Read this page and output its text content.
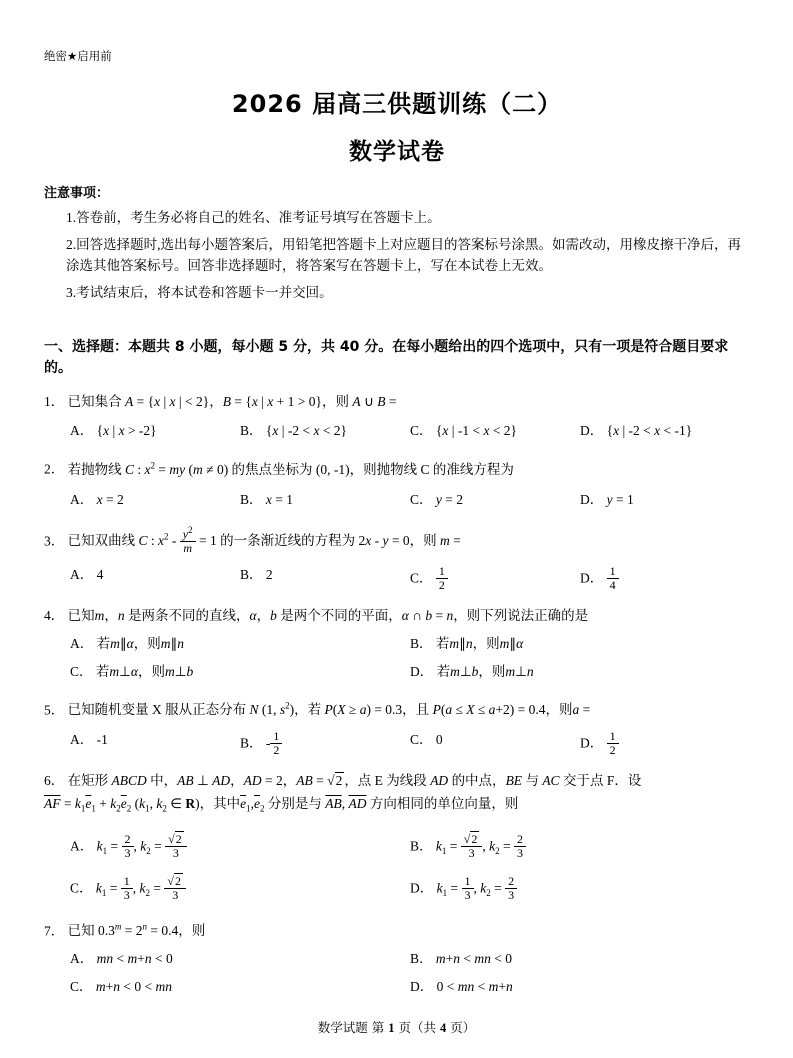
绝密★启用前
2026 届高三供题训练（二）
数学试卷
注意事项：
1.答卷前，考生务必将自己的姓名、准考证号填写在答题卡上。
2.回答选择题时,选出每小题答案后，用铅笔把答题卡上对应题目的答案标号涂黑。如需改动，用橡皮擦干净后，再涂选其他答案标号。回答非选择题时，将答案写在答题卡上，写在本试卷上无效。
3.考试结束后，将本试卷和答题卡一并交回。
一、选择题：本题共 8 小题，每小题 5 分，共 40 分。在每小题给出的四个选项中，只有一项是符合题目要求的。
1． 已知集合 A = {x | x | < 2}，B = {x | x + 1 > 0}，则 A ∪ B =
A． {x | x > -2}	B． {x | -2 < x < 2}	C． {x | -1 < x < 2}	D． {x | -2 < x < -1}
2． 若抛物线 C : $x^2$ = my (m ≠ 0) 的焦点坐标为 (0, -1)，则抛物线 C 的准线方程为
A． x = 2	B． x = 1	C． y = 2	D． y = 1
3． 已知双曲线 C : $x^2 - \frac{y^2}{m} = 1$ 的一条渐近线的方程为 2x - y = 0，则 m =
A． 4	B． 2	C． $\frac{1}{2}$	D． $\frac{1}{4}$
4． 已知m，n 是两条不同的直线，α，b 是两个不同的平面，α ∩ b = n，则下列说法正确的是
A． 若m∥α，则m∥n	B． 若m∥n，则m∥α
C． 若m⊥α，则m⊥b	D． 若m⊥b，则m⊥n
5． 已知随机变量 X 服从正态分布 N (1, $s^2$)，若 P(X ≥ a) = 0.3，且 P(a ≤ X ≤ a+2) = 0.4，则a =
A． -1	B． - $\frac{1}{2}$	C． 0	D． $\frac{1}{2}$
6． 在矩形 ABCD 中，AB ⊥ AD，AD = 2，AB = √2 ，点 E 为线段 AD 的中点，BE 与 AC 交于点 F．设
$\overline{AF} = k_1\overline{e}_1 + k_2\overline{e}_2$ ($k_1$, $k_2$ ∈ R)，其中$\overline{e}_1,\overline{e}_2$ 分别是与 $\overline{AB}$, $\overline{AD}$ 方向相同的单位向量，则
A． $k_1 = \frac{2}{3}$ , $k_2 = \frac{√2}{3}$	B． $k_1 = \frac{√2}{3}$ , $k_2 = \frac{2}{3}$
C． $k_1 = \frac{1}{3}$ , $k_2 = \frac{√2}{3}$	D． $k_1 = \frac{1}{3}$ , $k_2 = \frac{2}{3}$
7． 已知 $0.3^m = 2^n = 0.4$，则
A． mn < m+n < 0	B． m+n < mn < 0
C． m+n < 0 < mn	D． 0 < mn < m+n
数学试题 第 1 页（共 4 页）
